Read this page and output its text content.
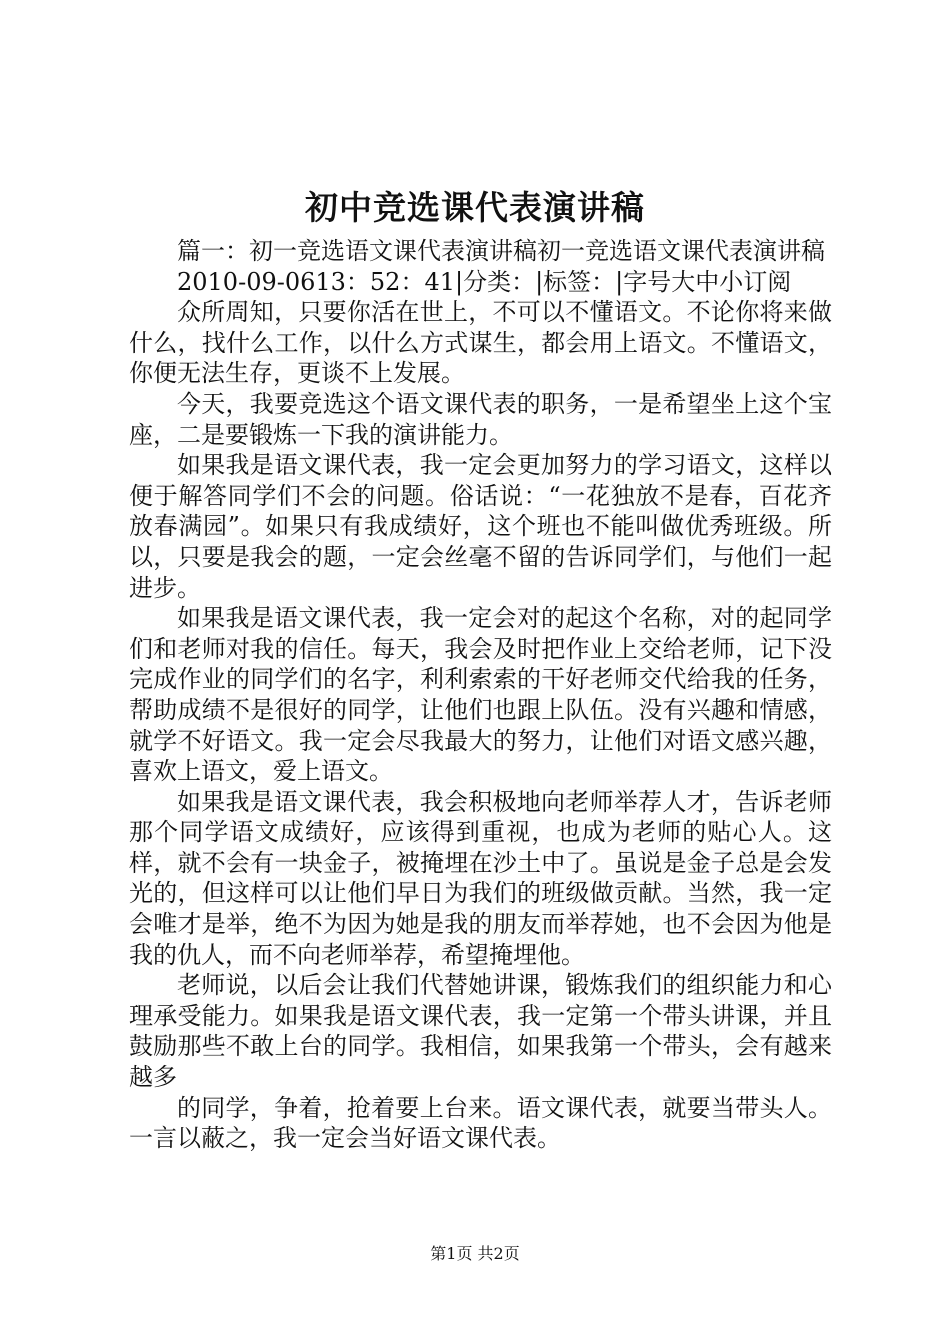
初中竞选课代表演讲稿

篇一：初一竞选语文课代表演讲稿初一竞选语文课代表演讲稿

2010-09-0613：52：41|分类：|标签：|字号大中小订阅

众所周知，只要你活在世上，不可以不懂语文。不论你将来做什么，找什么工作，以什么方式谋生，都会用上语文。不懂语文，你便无法生存，更谈不上发展。

今天，我要竞选这个语文课代表的职务，一是希望坐上这个宝座，二是要锻炼一下我的演讲能力。

如果我是语文课代表，我一定会更加努力的学习语文，这样以便于解答同学们不会的问题。俗话说：“一花独放不是春，百花齐放春满园”。如果只有我成绩好，这个班也不能叫做优秀班级。所以，只要是我会的题，一定会丝毫不留的告诉同学们，与他们一起进步。

如果我是语文课代表，我一定会对的起这个名称，对的起同学们和老师对我的信任。每天，我会及时把作业上交给老师，记下没完成作业的同学们的名字，利利索索的干好老师交代给我的任务，帮助成绩不是很好的同学，让他们也跟上队伍。没有兴趣和情感，就学不好语文。我一定会尽我最大的努力，让他们对语文感兴趣，喜欢上语文，爱上语文。

如果我是语文课代表，我会积极地向老师举荐人才，告诉老师那个同学语文成绩好，应该得到重视，也成为老师的贴心人。这样，就不会有一块金子，被掩埋在沙土中了。虽说是金子总是会发光的，但这样可以让他们早日为我们的班级做贡献。当然，我一定会唯才是举，绝不为因为她是我的朋友而举荐她，也不会因为他是我的仇人，而不向老师举荐，希望掩埋他。

老师说，以后会让我们代替她讲课，锻炼我们的组织能力和心理承受能力。如果我是语文课代表，我一定第一个带头讲课，并且鼓励那些不敢上台的同学。我相信，如果我第一个带头，会有越来越多

的同学，争着，抢着要上台来。语文课代表，就要当带头人。一言以蔽之，我一定会当好语文课代表。

第1页 共2页
